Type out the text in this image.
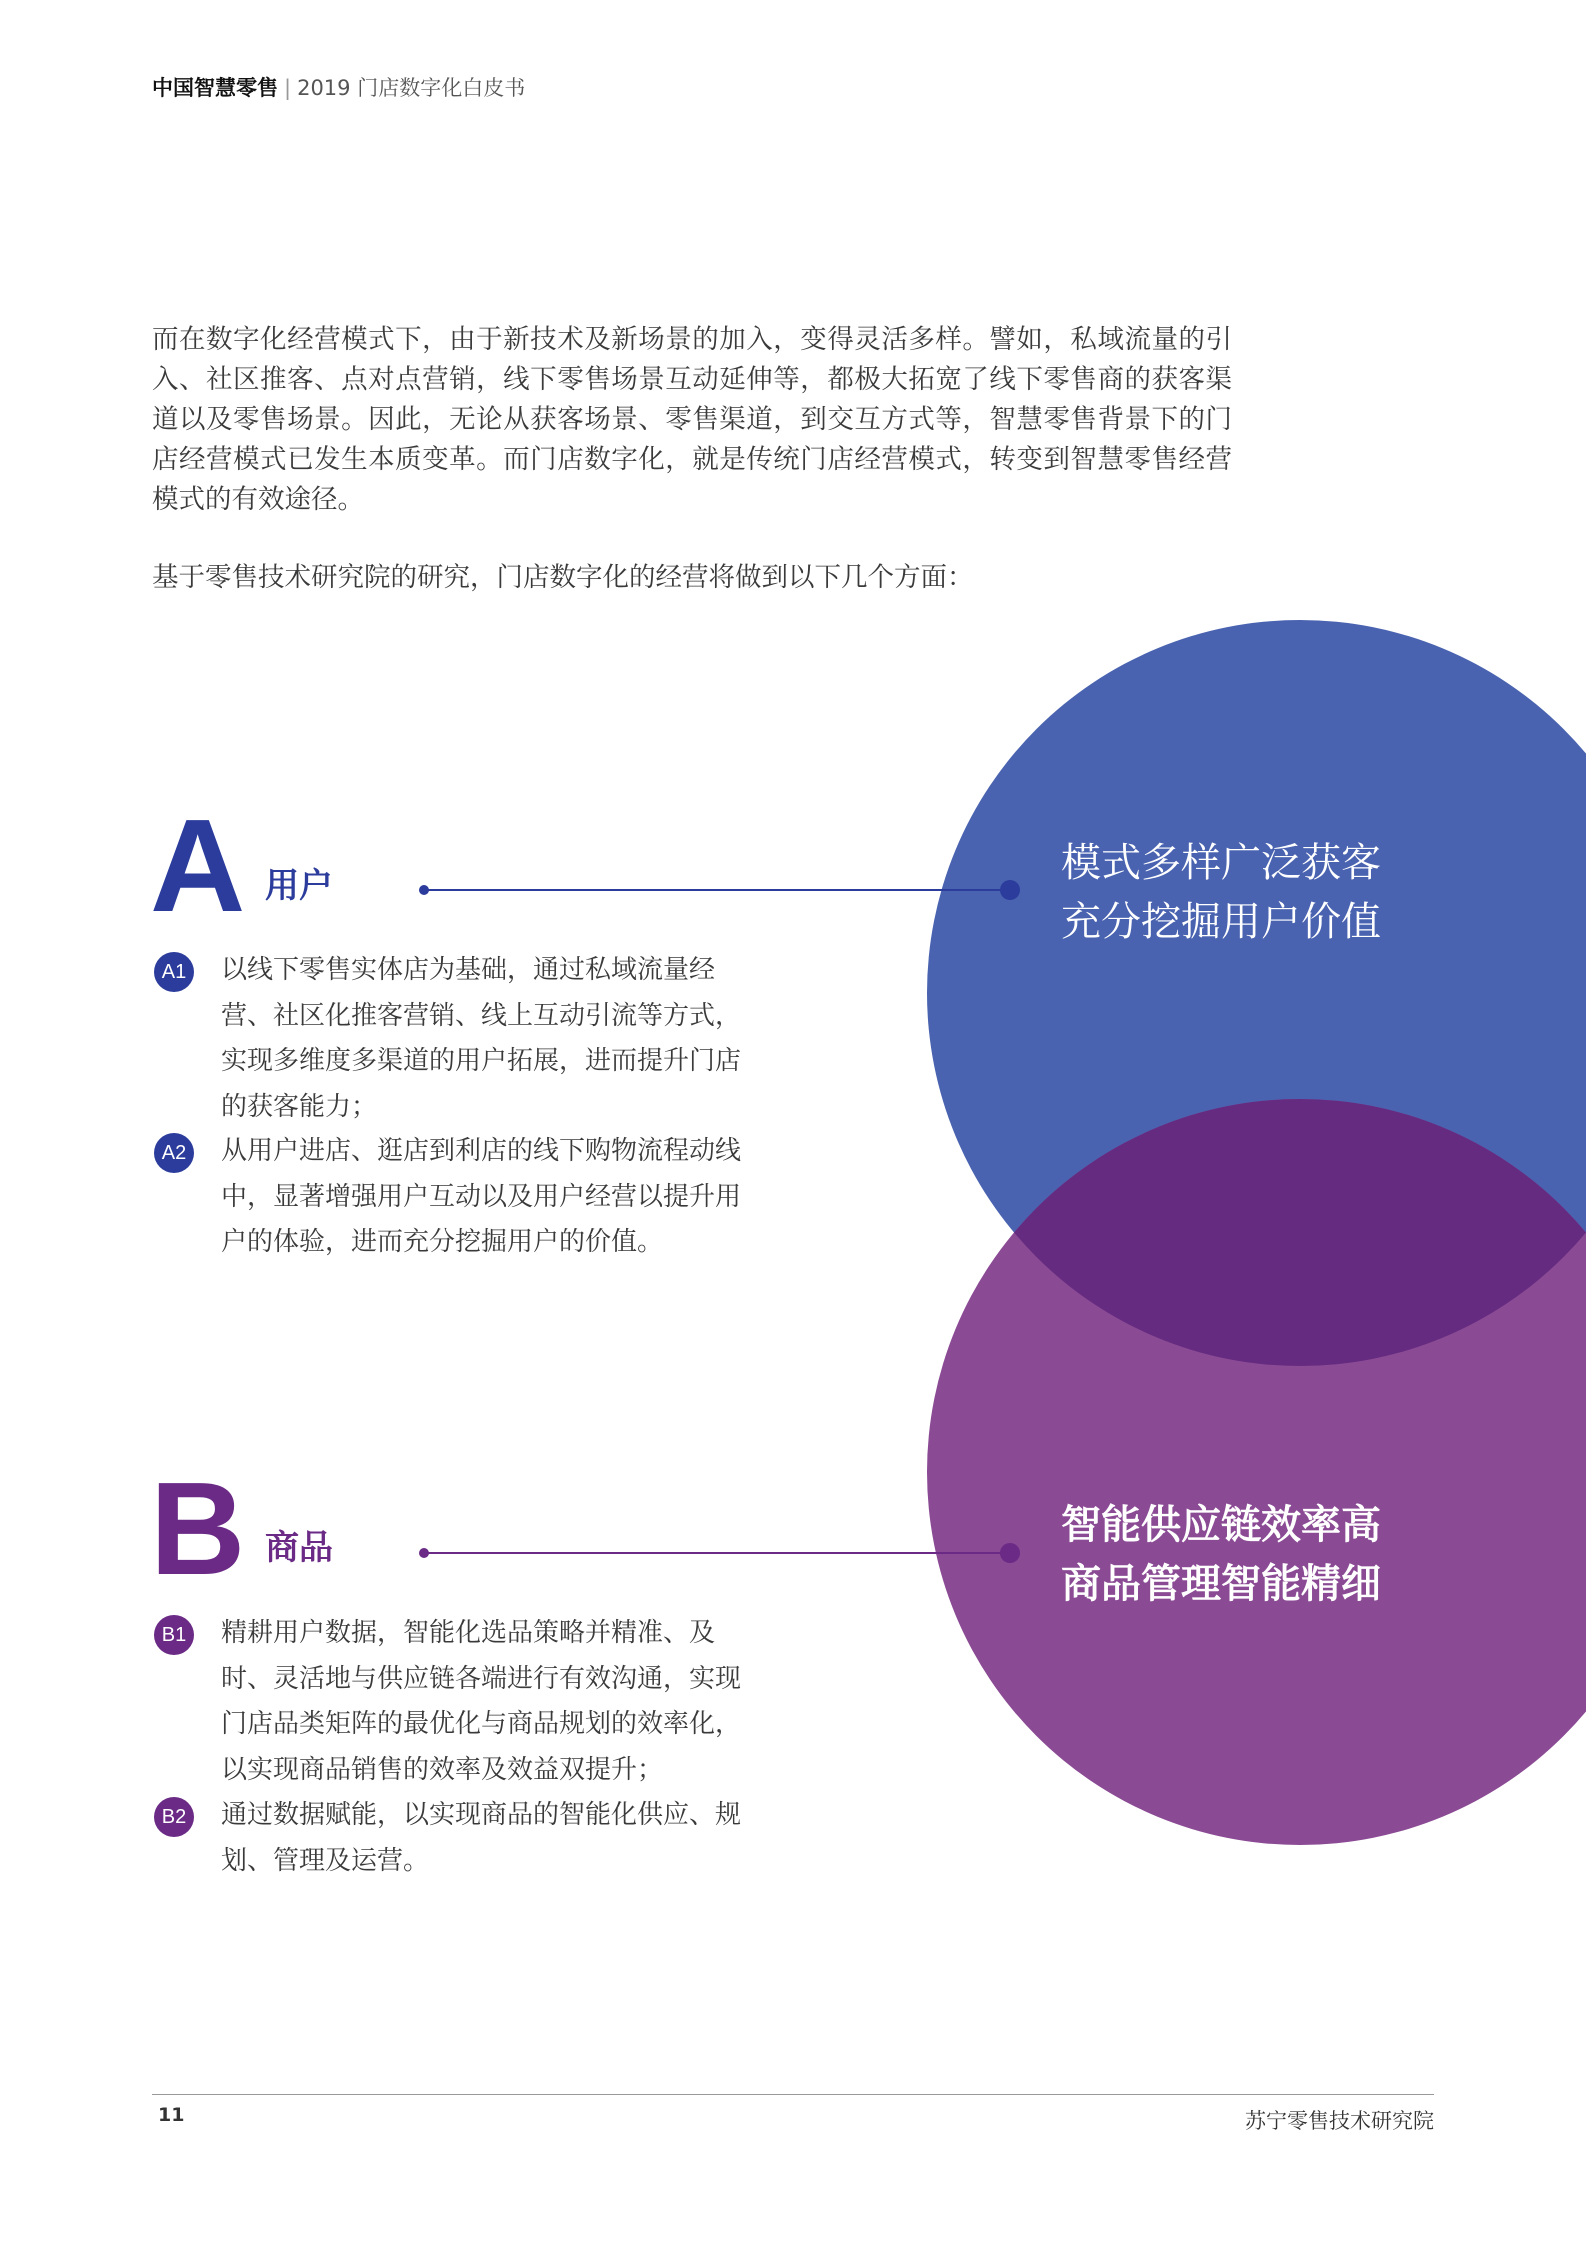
中国智慧零售 | 2019 门店数字化白皮书
而在数字化经营模式下，由于新技术及新场景的加入，变得灵活多样。譬如，私域流量的引入、社区推客、点对点营销，线下零售场景互动延伸等，都极大拓宽了线下零售商的获客渠道以及零售场景。因此，无论从获客场景、零售渠道，到交互方式等，智慧零售背景下的门店经营模式已发生本质变革。而门店数字化，就是传统门店经营模式，转变到智慧零售经营模式的有效途径。
基于零售技术研究院的研究，门店数字化的经营将做到以下几个方面：
A 用户
A1 以线下零售实体店为基础，通过私域流量经营、社区化推客营销、线上互动引流等方式，实现多维度多渠道的用户拓展，进而提升门店的获客能力；
A2 从用户进店、逛店到利店的线下购物流程动线中，显著增强用户互动以及用户经营以提升用户的体验，进而充分挖掘用户的价值。
模式多样广泛获客
充分挖掘用户价值
B 商品
B1 精耕用户数据，智能化选品策略并精准、及时、灵活地与供应链各端进行有效沟通，实现门店品类矩阵的最优化与商品规划的效率化，以实现商品销售的效率及效益双提升；
B2 通过数据赋能，以实现商品的智能化供应、规划、管理及运营。
智能供应链效率高
商品管理智能精细
11	苏宁零售技术研究院
